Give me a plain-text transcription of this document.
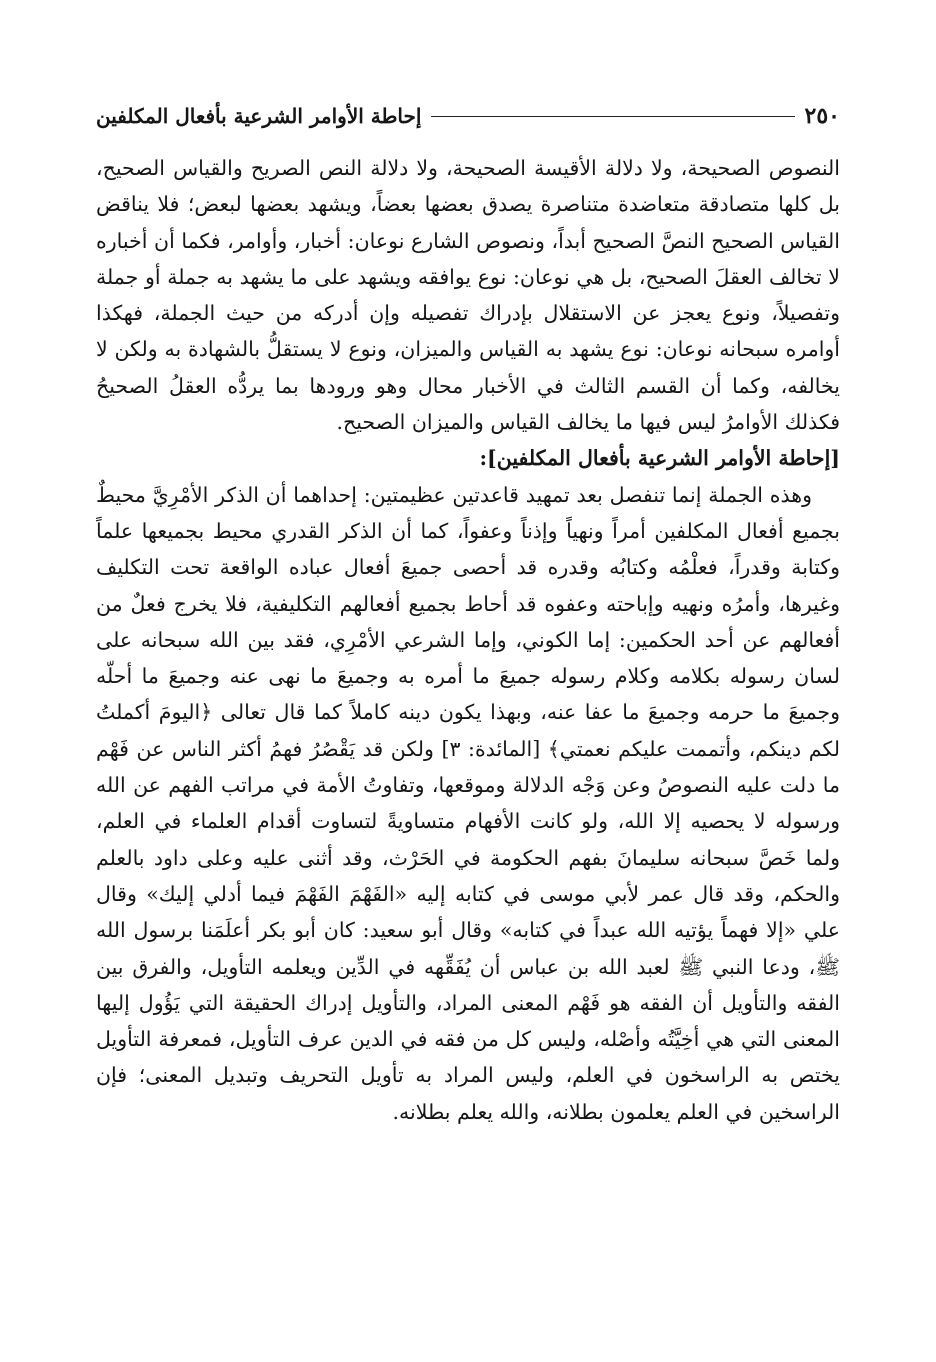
٢٥٠
إحاطة الأوامر الشرعية بأفعال المكلفين

النصوص الصحيحة، ولا دلالة الأقيسة الصحيحة، ولا دلالة النص الصريح والقياس الصحيح، بل كلها متصادقة متعاضدة متناصرة يصدق بعضها بعضاً، ويشهد بعضها لبعض؛ فلا يناقض القياس الصحيح النصَّ الصحيح أبداً، ونصوص الشارع نوعان: أخبار، وأوامر، فكما أن أخباره لا تخالف العقلَ الصحيح، بل هي نوعان: نوع يوافقه ويشهد على ما يشهد به جملة أو جملة وتفصيلاً، ونوع يعجز عن الاستقلال بإدراك تفصيله وإن أدركه من حيث الجملة، فهكذا أوامره سبحانه نوعان: نوع يشهد به القياس والميزان، ونوع لا يستقلُّ بالشهادة به ولكن لا يخالفه، وكما أن القسم الثالث في الأخبار محال وهو ورودها بما يردُّه العقلُ الصحيحُ فكذلك الأوامرُ ليس فيها ما يخالف القياس والميزان الصحيح.

[إحاطة الأوامر الشرعية بأفعال المكلفين]:

وهذه الجملة إنما تنفصل بعد تمهيد قاعدتين عظيمتين: إحداهما أن الذكر الأمْرِيَّ محيطٌ بجميع أفعال المكلفين أمراً ونهياً وإذناً وعفواً، كما أن الذكر القدري محيط بجميعها علماً وكتابة وقدراً، فعلْمُه وكتابُه وقدره قد أحصى جميعَ أفعال عباده الواقعة تحت التكليف وغيرها، وأمرُه ونهيه وإباحته وعفوه قد أحاط بجميع أفعالهم التكليفية، فلا يخرج فعلٌ من أفعالهم عن أحد الحكمين: إما الكوني، وإما الشرعي الأمْرِي، فقد بين الله سبحانه على لسان رسوله بكلامه وكلام رسوله جميعَ ما أمره به وجميعَ ما نهى عنه وجميعَ ما أحلّه وجميعَ ما حرمه وجميعَ ما عفا عنه، وبهذا يكون دينه كاملاً كما قال تعالى ﴿اليومَ أكملتُ لكم دينكم، وأتممت عليكم نعمتي﴾ [المائدة: ٣] ولكن قد يَقْصُرُ فهمُ أكثر الناس عن فَهْم ما دلت عليه النصوصُ وعن وَجْه الدلالة وموقعها، وتفاوتُ الأمة في مراتب الفهم عن الله ورسوله لا يحصيه إلا الله، ولو كانت الأفهام متساويةً لتساوت أقدام العلماء في العلم، ولما خَصَّ سبحانه سليمانَ بفهم الحكومة في الحَرْث، وقد أثنى عليه وعلى داود بالعلم والحكم، وقد قال عمر لأبي موسى في كتابه إليه «الفَهْمَ الفَهْمَ فيما أدلي إليك» وقال علي «إلا فهماً يؤتيه الله عبداً في كتابه» وقال أبو سعيد: كان أبو بكر أعلَمَنا برسول الله ﷺ، ودعا النبي ﷺ لعبد الله بن عباس أن يُفَقِّهه في الدِّين ويعلمه التأويل، والفرق بين الفقه والتأويل أن الفقه هو فَهْم المعنى المراد، والتأويل إدراك الحقيقة التي يَؤُول إليها المعنى التي هي أخِيَّتُه وأصْله، وليس كل من فقه في الدين عرف التأويل، فمعرفة التأويل يختص به الراسخون في العلم، وليس المراد به تأويل التحريف وتبديل المعنى؛ فإن الراسخين في العلم يعلمون بطلانه، والله يعلم بطلانه.
